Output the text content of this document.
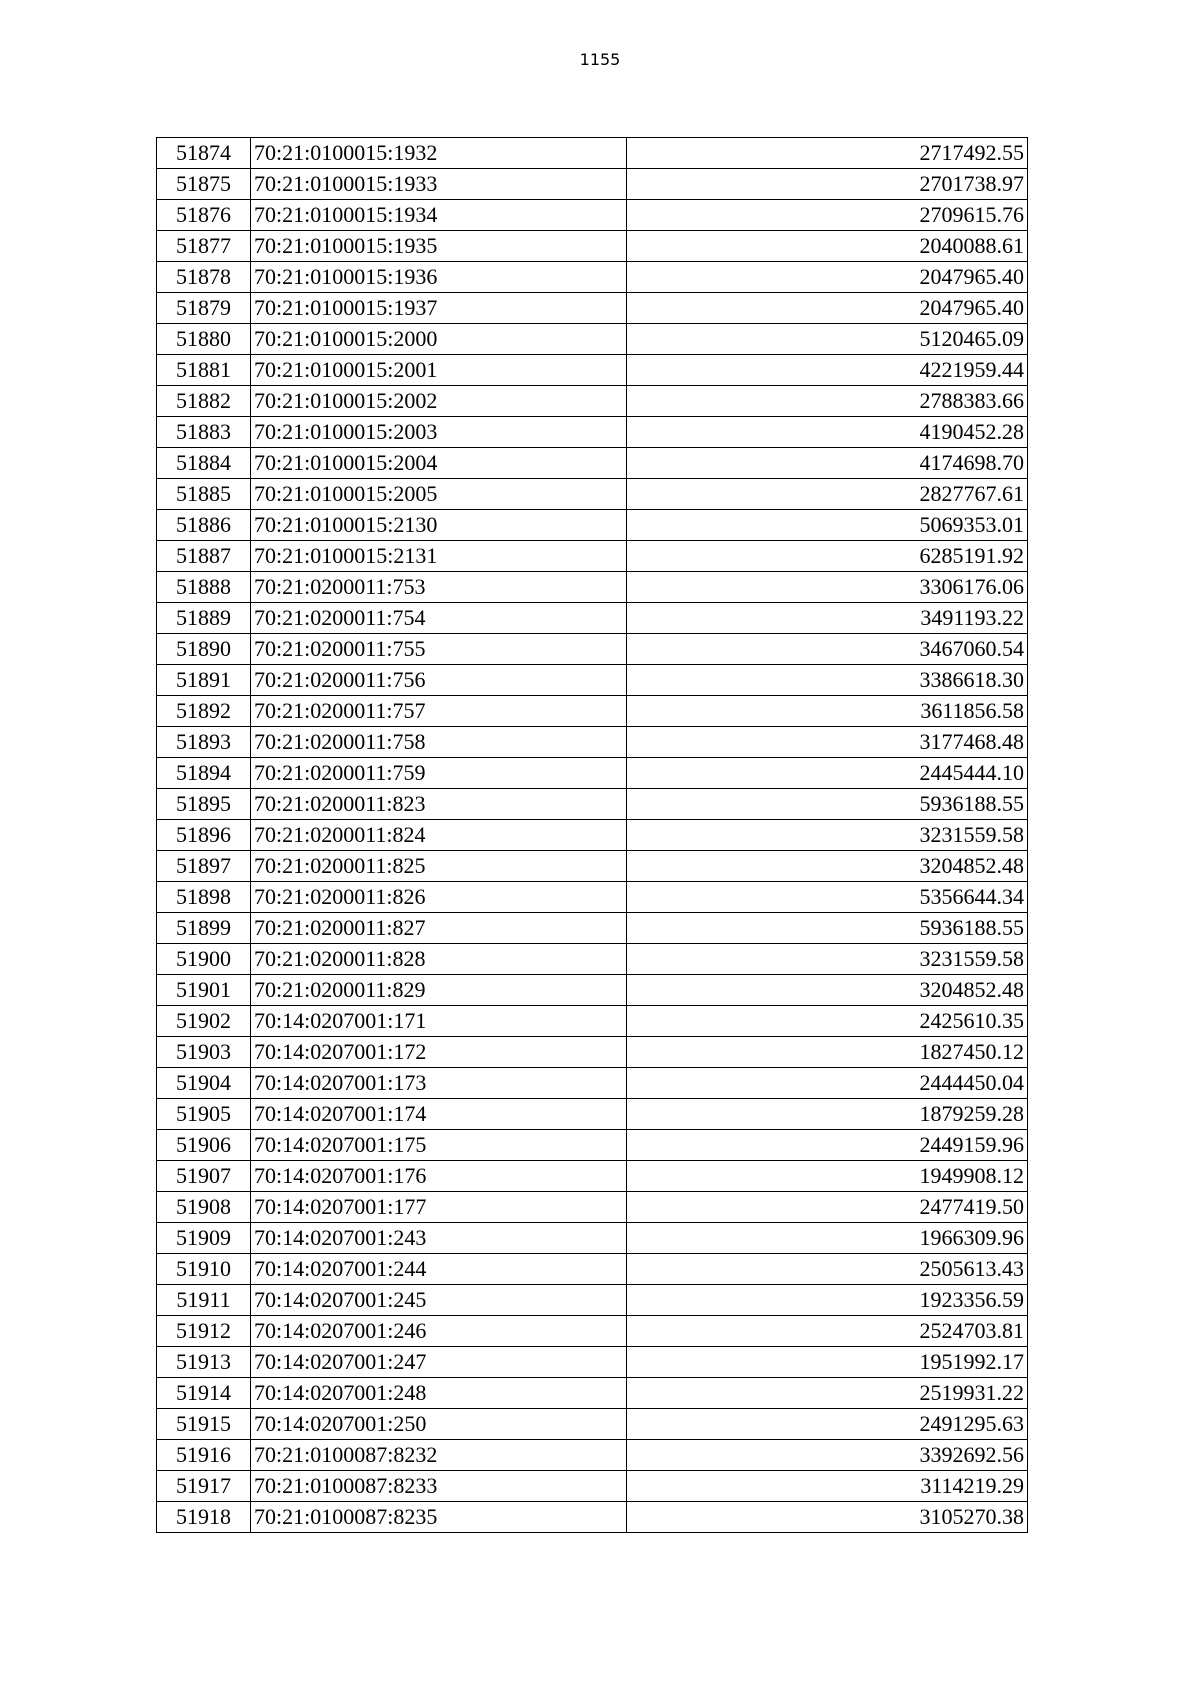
1155
51874	70:21:0100015:1932	2717492.55
51875	70:21:0100015:1933	2701738.97
51876	70:21:0100015:1934	2709615.76
51877	70:21:0100015:1935	2040088.61
51878	70:21:0100015:1936	2047965.40
51879	70:21:0100015:1937	2047965.40
51880	70:21:0100015:2000	5120465.09
51881	70:21:0100015:2001	4221959.44
51882	70:21:0100015:2002	2788383.66
51883	70:21:0100015:2003	4190452.28
51884	70:21:0100015:2004	4174698.70
51885	70:21:0100015:2005	2827767.61
51886	70:21:0100015:2130	5069353.01
51887	70:21:0100015:2131	6285191.92
51888	70:21:0200011:753	3306176.06
51889	70:21:0200011:754	3491193.22
51890	70:21:0200011:755	3467060.54
51891	70:21:0200011:756	3386618.30
51892	70:21:0200011:757	3611856.58
51893	70:21:0200011:758	3177468.48
51894	70:21:0200011:759	2445444.10
51895	70:21:0200011:823	5936188.55
51896	70:21:0200011:824	3231559.58
51897	70:21:0200011:825	3204852.48
51898	70:21:0200011:826	5356644.34
51899	70:21:0200011:827	5936188.55
51900	70:21:0200011:828	3231559.58
51901	70:21:0200011:829	3204852.48
51902	70:14:0207001:171	2425610.35
51903	70:14:0207001:172	1827450.12
51904	70:14:0207001:173	2444450.04
51905	70:14:0207001:174	1879259.28
51906	70:14:0207001:175	2449159.96
51907	70:14:0207001:176	1949908.12
51908	70:14:0207001:177	2477419.50
51909	70:14:0207001:243	1966309.96
51910	70:14:0207001:244	2505613.43
51911	70:14:0207001:245	1923356.59
51912	70:14:0207001:246	2524703.81
51913	70:14:0207001:247	1951992.17
51914	70:14:0207001:248	2519931.22
51915	70:14:0207001:250	2491295.63
51916	70:21:0100087:8232	3392692.56
51917	70:21:0100087:8233	3114219.29
51918	70:21:0100087:8235	3105270.38
